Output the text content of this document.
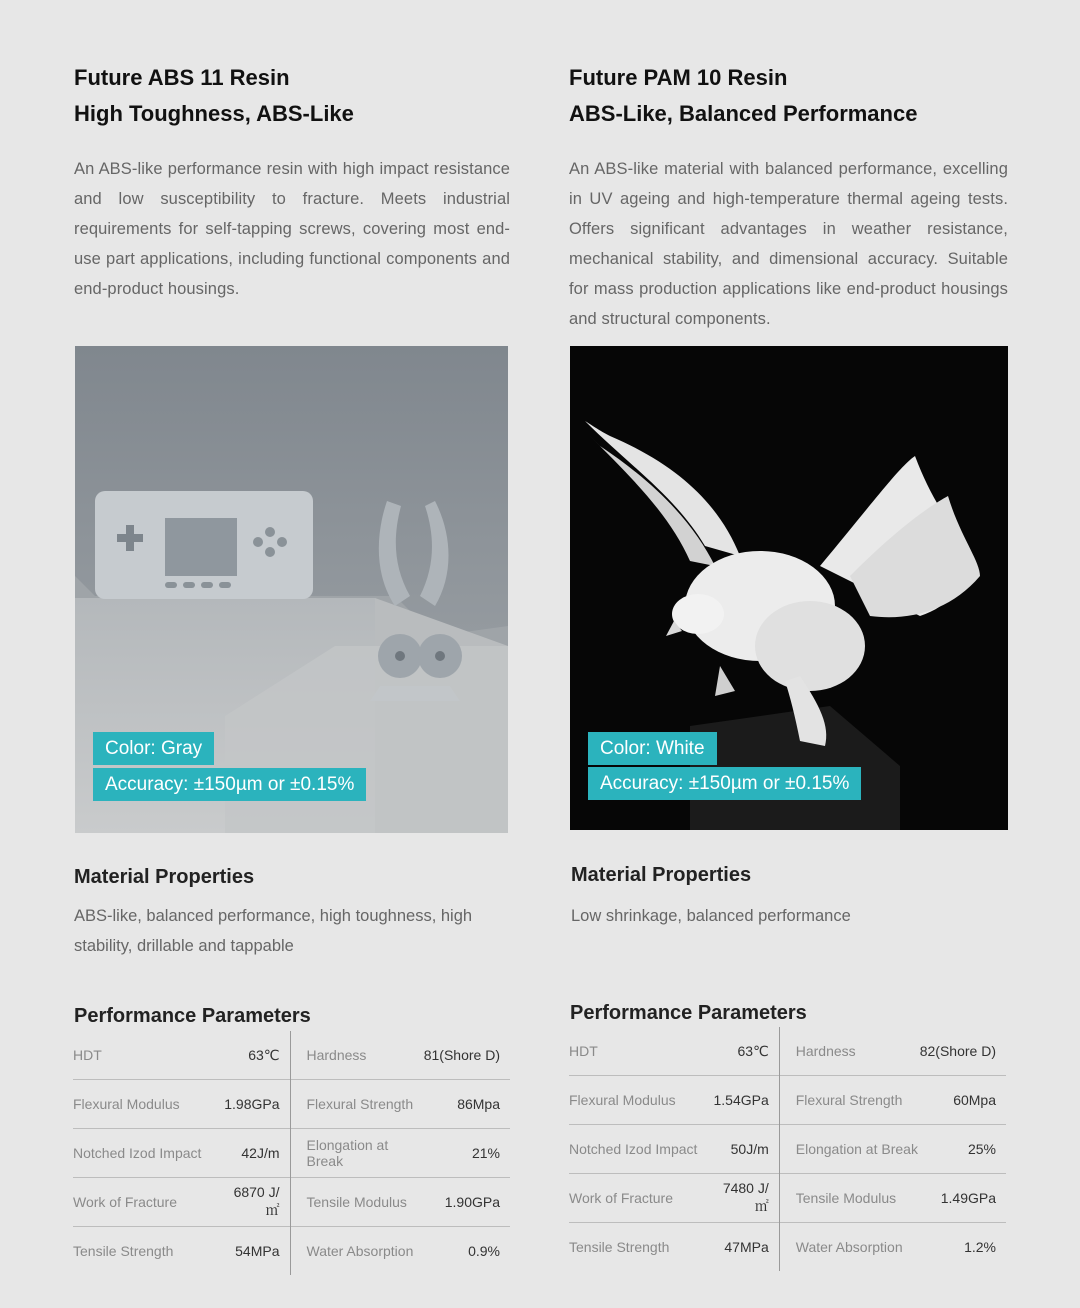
Future ABS 11 Resin
High Toughness, ABS-Like
An ABS-like performance resin with high impact resistance and low susceptibility to fracture. Meets industrial requirements for self-tapping screws, covering most end-use part applications, including functional components and end-product housings.
Color: Gray
Accuracy: ±150µm or ±0.15%
Material Properties
ABS-like, balanced performance, high toughness, high stability, drillable and tappable
Performance Parameters
HDT	63℃	Hardness	81(Shore D)
Flexural Modulus	1.98GPa	Flexural Strength	86Mpa
Notched Izod Impact	42J/m	Elongation at Break	21%
Work of Fracture	6870 J/㎡	Tensile Modulus	1.90GPa
Tensile Strength	54MPa	Water Absorption	0.9%
Future PAM 10 Resin
ABS-Like, Balanced Performance
An ABS-like material with balanced performance, excelling in UV ageing and high-temperature thermal ageing tests. Offers significant advantages in weather resistance, mechanical stability, and dimensional accuracy. Suitable for mass production applications like end-product housings and structural components.
Color: White
Accuracy: ±150µm or ±0.15%
Material Properties
Low shrinkage, balanced performance
Performance Parameters
HDT	63℃	Hardness	82(Shore D)
Flexural Modulus	1.54GPa	Flexural Strength	60Mpa
Notched Izod Impact	50J/m	Elongation at Break	25%
Work of Fracture	7480 J/㎡	Tensile Modulus	1.49GPa
Tensile Strength	47MPa	Water Absorption	1.2%
